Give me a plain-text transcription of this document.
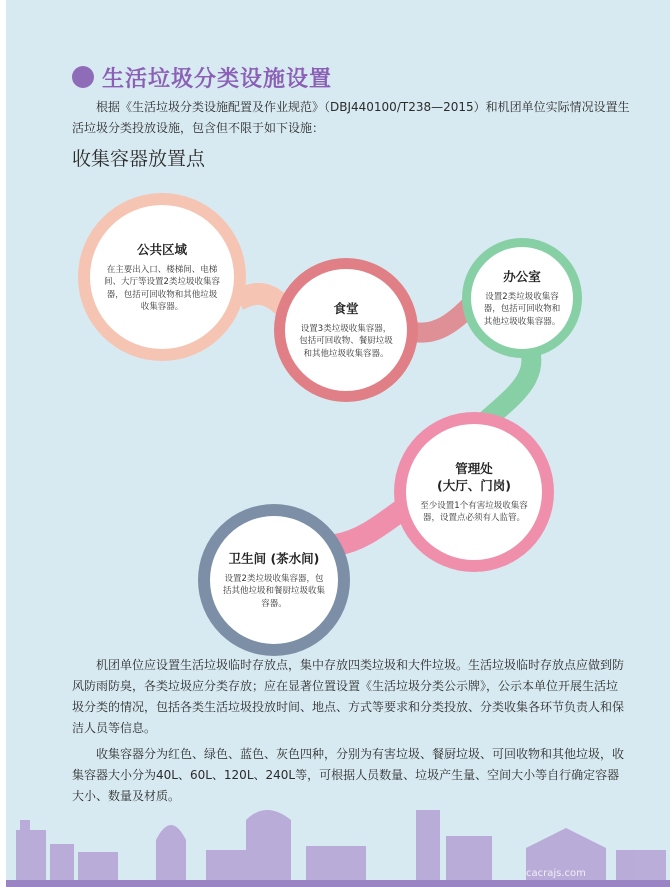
生活垃圾分类设施设置
根据《生活垃圾分类设施配置及作业规范》（DBJ440100/T238—2015）和机团单位实际情况设置生活垃圾分类投放设施，包含但不限于如下设施：
收集容器放置点
公共区域
在主要出入口、楼梯间、电梯间、大厅等设置2类垃圾收集容器，包括可回收物和其他垃圾收集容器。	食堂
设置3类垃圾收集容器，包括可回收物、餐厨垃圾和其他垃圾收集容器。
办公室
设置2类垃圾收集容器，包括可回收物和其他垃圾收集容器。
管理处
(大厅、门岗)
至少设置1个有害垃圾收集容器，设置点必须有人监管。
卫生间 (茶水间)
设置2类垃圾收集容器，包括其他垃圾和餐厨垃圾收集容器。
机团单位应设置生活垃圾临时存放点，集中存放四类垃圾和大件垃圾。生活垃圾临时存放点应做到防风防雨防臭，各类垃圾应分类存放；应在显著位置设置《生活垃圾分类公示牌》，公示本单位开展生活垃圾分类的情况，包括各类生活垃圾投放时间、地点、方式等要求和分类投放、分类收集各环节负责人和保洁人员等信息。
收集容器分为红色、绿色、蓝色、灰色四种，分别为有害垃圾、餐厨垃圾、可回收物和其他垃圾，收集容器大小分为40L、60L、120L、240L等，可根据人员数量、垃圾产生量、空间大小等自行确定容器大小、数量及材质。
cacrajs.com
